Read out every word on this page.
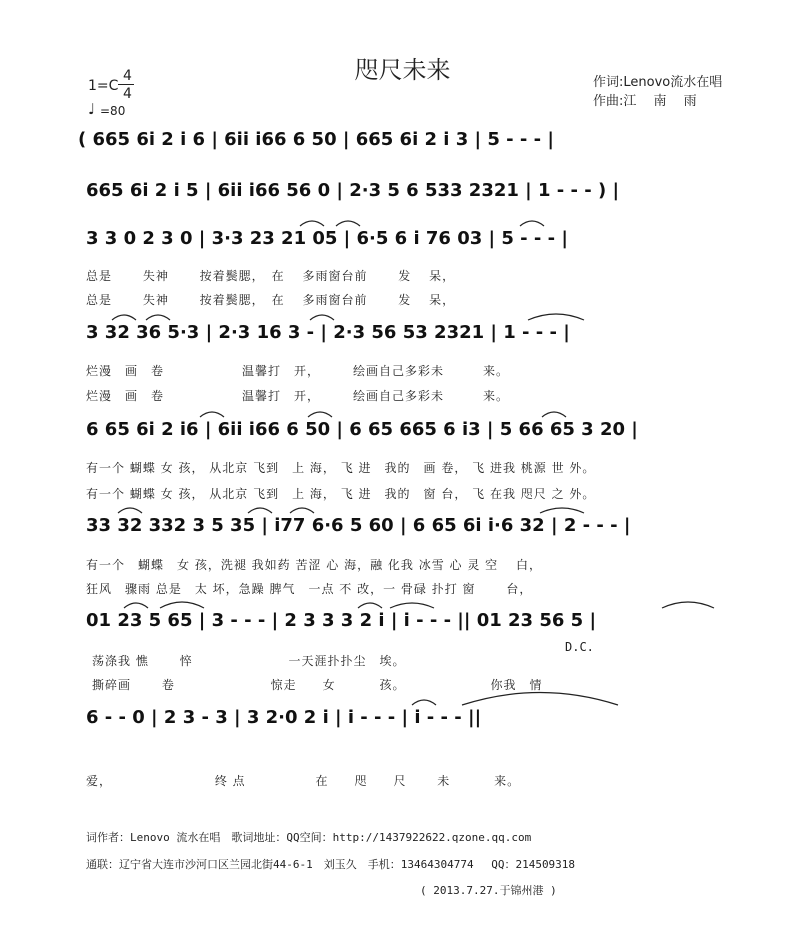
咫尺未来	作词:Lenovo流水在唱
作曲:江　 南　 雨
1=C
4
4
♩ =80
( 665 6i 2 i 6 | 6ii i66 6 50 | 665 6i 2 i 3 | 5 - - - |
665 6i 2 i 5 | 6ii i66 56 0 | 2·3 5 6 533 2321 | 1 - - - ) |
3 3 0 2 3 0 | 3·3 23 21 05 | 6·5 6 i 76 03 | 5 - - - |
总是　　 失神　　 按着鬓腮，　在　 多雨窗台前　　 发　 呆，
总是　　 失神　　 按着鬓腮，　在　 多雨窗台前　　 发　 呆，
3 32 36 5·3 | 2·3 16 3 - | 2·3 56 53 2321 | 1 - - - |
烂漫　画　卷　　　　　　温馨打　开，　　　绘画自己多彩未　　　来。
烂漫　画　卷　　　　　　温馨打　开，　　　绘画自己多彩未　　　来。
6 65 6i 2 i6 | 6ii i66 6 50 | 6 65 665 6 i3 | 5 66 65 3 20 |
有一个 蝴蝶 女 孩， 从北京 飞到　上 海， 飞 进　我的　画 卷， 飞 进我 桃源 世 外。
有一个 蝴蝶 女 孩， 从北京 飞到　上 海， 飞 进　我的　窗 台， 飞 在我 咫尺 之 外。
33 32 332 3 5 35 | i77 6·6 5 60 | 6 65 6i i·6 32 | 2 - - - |
有一个　蝴蝶　女 孩，洗褪 我如药 苦涩 心 海，融 化我 冰雪 心 灵 空　 白，
狂风　骤雨 总是　太 坏，急躁 脾气　一点 不 改，一 骨碌 扑打 窗　　 台，
01 23 5 65 | 3 - - - | 2 3 3 3 2 i | i - - - || 01 23 56 5 |
D.C.
荡涤我 憔　　 悴　　　　　　　 一天涯扑扑尘　埃。
撕碎画　　 卷　　　　　　　 惊走　　女　　　 孩。　　　　　　　你我　情
6 - - 0 | 2 3 - 3 | 3 2·0 2 i | i - - - | i - - - ||
爱，　　　　　　　　 终 点　　　　　 在　　咫　　尺　　 未　　　 来。
词作者：Lenovo 流水在唱　歌词地址：QQ空间：http://1437922622.qzone.qq.com
通联：辽宁省大连市沙河口区兰园北街44-6-1　刘玉久　手机：13464304774　 QQ：214509318
( 2013.7.27.于锦州港 )
